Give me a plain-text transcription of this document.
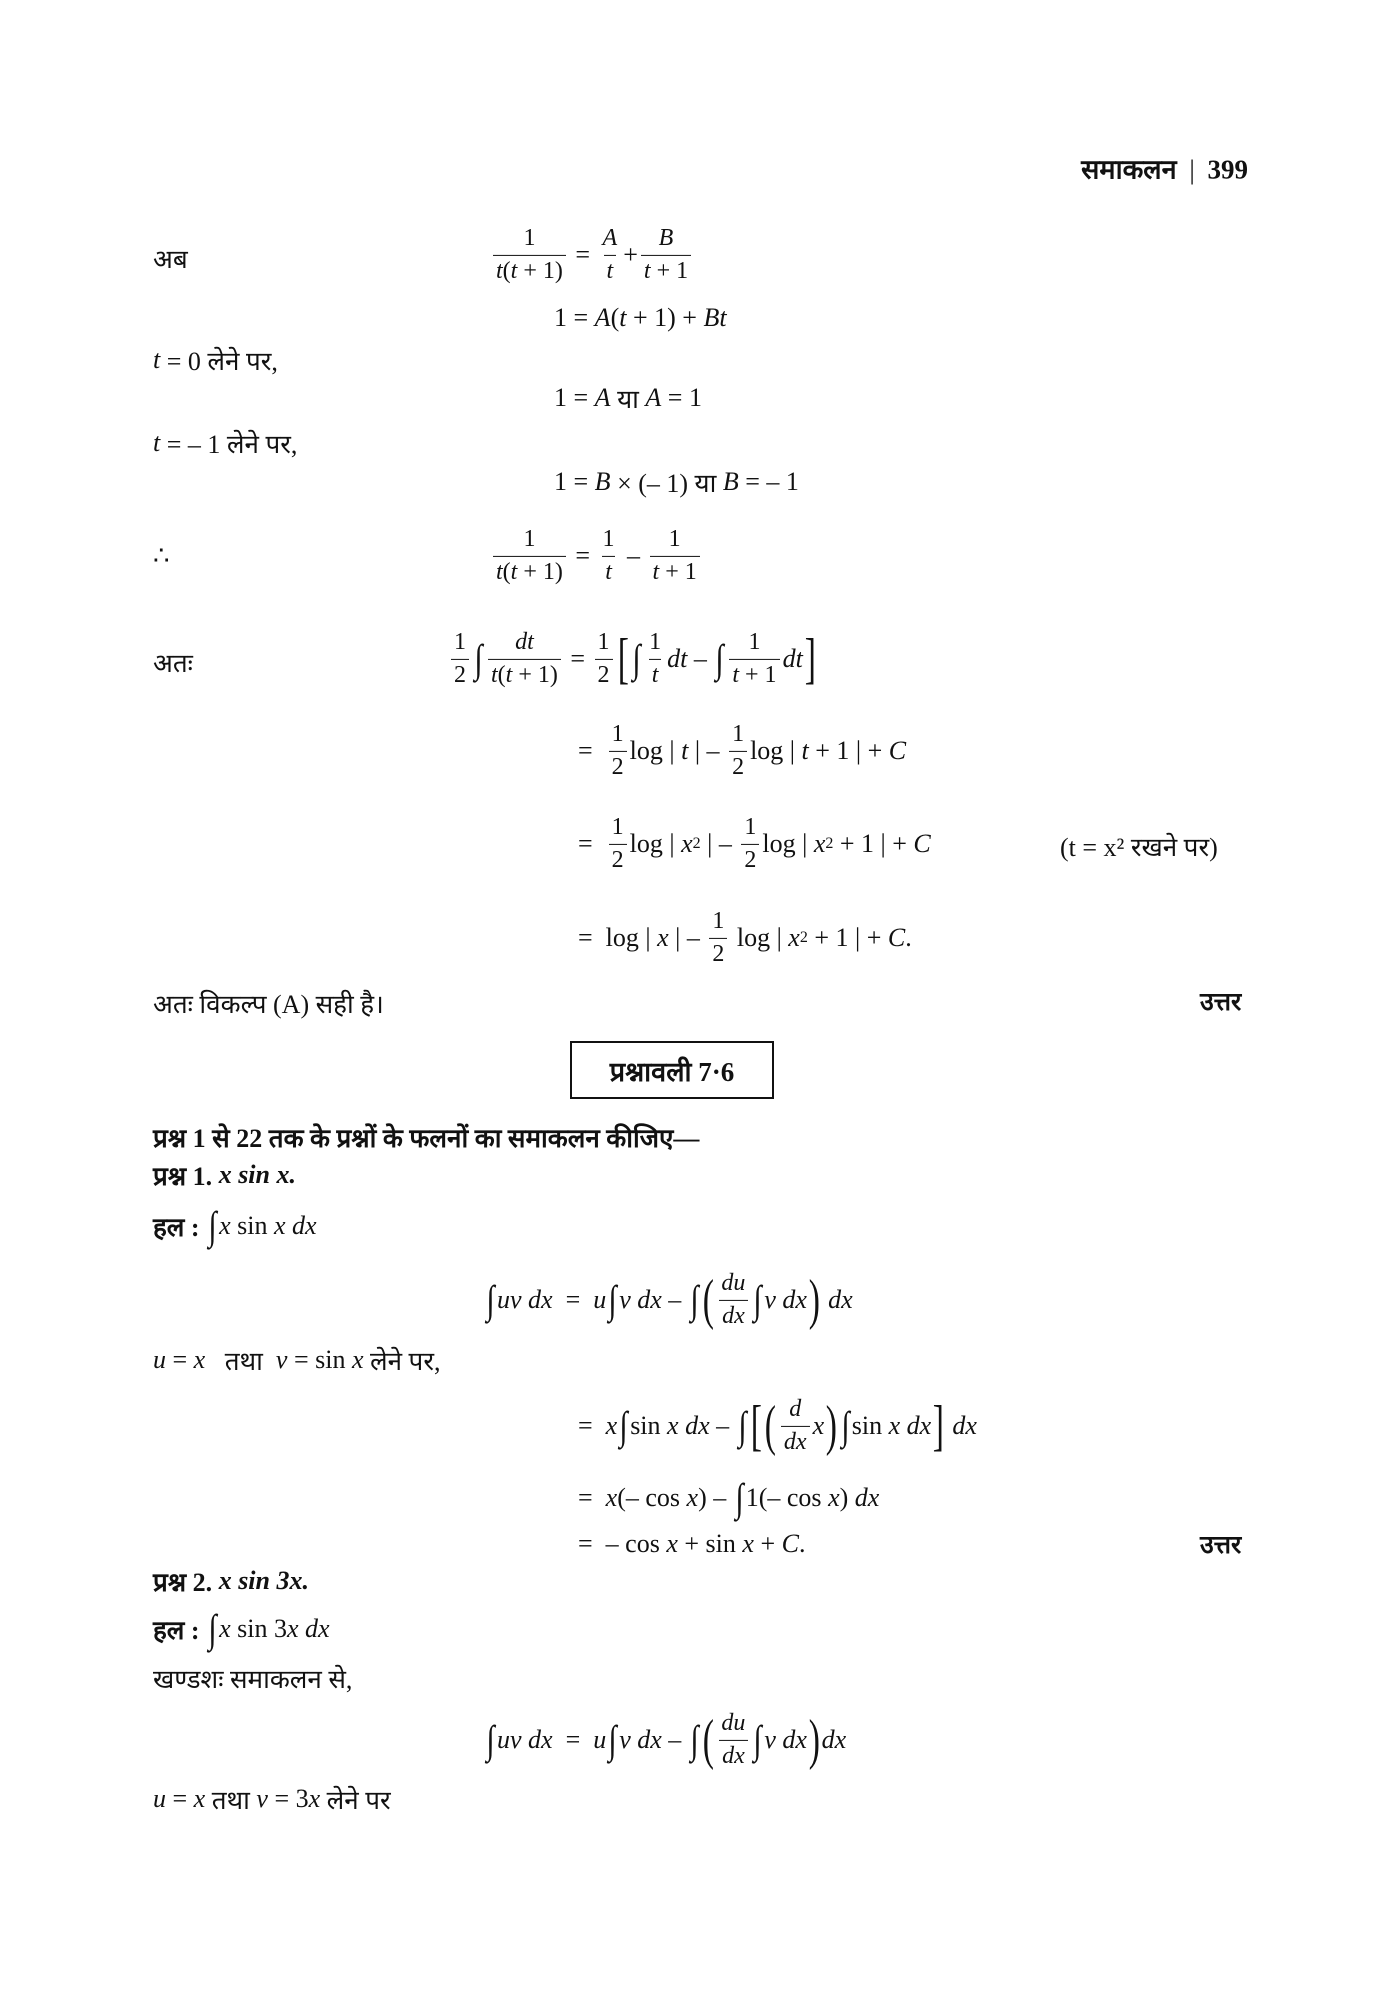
समाकलन | 399
अब	$\frac{1}{t(t + 1)} = \frac{A}{t} + \frac{B}{t + 1}$
1 = A ( t + 1) + Bt
t = 0 लेने पर,
1 = A या A = 1
t = – 1 लेने पर,
1 = B × (– 1) या B = – 1
∴	$\frac{1}{t(t + 1)} = \frac{1}{t} - \frac{1}{t + 1}$
अतः	$\frac{1}{2}$ ∫ $\frac{dt}{t(t + 1)} = \frac{1}{2}$ [ ∫ $\frac{1}{t}$ dt – ∫ $\frac{1}{t + 1}$ dt ]
= $\frac{1}{2}$ log | t | – $\frac{1}{2}$ log | t + 1 | + C
= $\frac{1}{2}$ log | x 2 | – $\frac{1}{2}$ log | x 2 + 1 | + C	(t = x² रखने पर)
=  log | x | – $\frac{1}{2}$ log | x 2 + 1 | + C .
अतः विकल्प (A) सही है।	उत्तर
प्रश्नावली 7·6
प्रश्न 1 से 22 तक के प्रश्नों के फलनों का समाकलन कीजिए—
प्रश्न 1. x sin x.
हल : ∫ x sin x dx
∫ uv dx = u ∫ v dx – ∫ ( $\frac{du}{dx}$ ∫ v dx ) dx
u = x तथा v = sin x लेने पर,
= x ∫ sin x dx – ∫ [ ( $\frac{d}{dx}$ x ) ∫ sin x dx ] dx
= x (– cos x ) – ∫ 1(– cos x ) dx
=  – cos x + sin x + C .	उत्तर
प्रश्न 2. x sin 3x.
हल : ∫ x sin 3 x dx
खण्डशः समाकलन से,
∫ uv dx = u ∫ v dx – ∫ ( $\frac{du}{dx}$ ∫ v dx ) dx
u = x तथा v = 3 x लेने पर
